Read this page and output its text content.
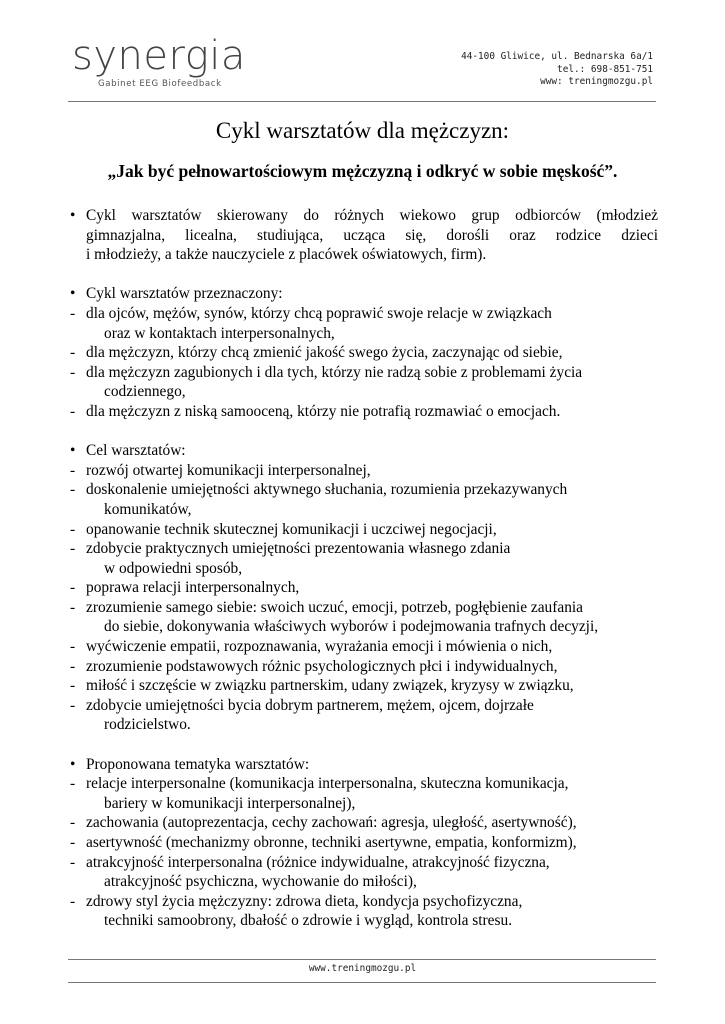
synergia
Gabinet EEG Biofeedback
44-100 Gliwice, ul. Bednarska 6a/1
tel.: 698-851-751
www: treningmozgu.pl
Cykl warsztatów dla mężczyzn:
„Jak być pełnowartościowym mężczyzną i odkryć w sobie męskość”.
• Cykl warsztatów skierowany do różnych wiekowo grup odbiorców (młodzież
gimnazjalna, licealna, studiująca, ucząca się, dorośli oraz rodzice dzieci
i młodzieży, a także nauczyciele z placówek oświatowych, firm).
• Cykl warsztatów przeznaczony:
- dla ojców, mężów, synów, którzy chcą poprawić swoje relacje w związkach
oraz w kontaktach interpersonalnych,
- dla mężczyzn, którzy chcą zmienić jakość swego życia, zaczynając od siebie,
- dla mężczyzn zagubionych i dla tych, którzy nie radzą sobie z problemami życia
codziennego,
- dla mężczyzn z niską samooceną, którzy nie potrafią rozmawiać o emocjach.
• Cel warsztatów:
- rozwój otwartej komunikacji interpersonalnej,
- doskonalenie umiejętności aktywnego słuchania, rozumienia przekazywanych
komunikatów,
- opanowanie technik skutecznej komunikacji i uczciwej negocjacji,
- zdobycie praktycznych umiejętności prezentowania własnego zdania
w odpowiedni sposób,
- poprawa relacji interpersonalnych,
- zrozumienie samego siebie: swoich uczuć, emocji, potrzeb, pogłębienie zaufania
do siebie, dokonywania właściwych wyborów i podejmowania trafnych decyzji,
- wyćwiczenie empatii, rozpoznawania, wyrażania emocji i mówienia o nich,
- zrozumienie podstawowych różnic psychologicznych płci i indywidualnych,
- miłość i szczęście w związku partnerskim, udany związek, kryzysy w związku,
- zdobycie umiejętności bycia dobrym partnerem, mężem, ojcem, dojrzałe
rodzicielstwo.
• Proponowana tematyka warsztatów:
- relacje interpersonalne (komunikacja interpersonalna, skuteczna komunikacja,
bariery w komunikacji interpersonalnej),
- zachowania (autoprezentacja, cechy zachowań: agresja, uległość, asertywność),
- asertywność (mechanizmy obronne, techniki asertywne, empatia, konformizm),
- atrakcyjność interpersonalna (różnice indywidualne, atrakcyjność fizyczna,
atrakcyjność psychiczna, wychowanie do miłości),
- zdrowy styl życia mężczyzny: zdrowa dieta, kondycja psychofizyczna,
techniki samoobrony, dbałość o zdrowie i wygląd, kontrola stresu.
www.treningmozgu.pl
